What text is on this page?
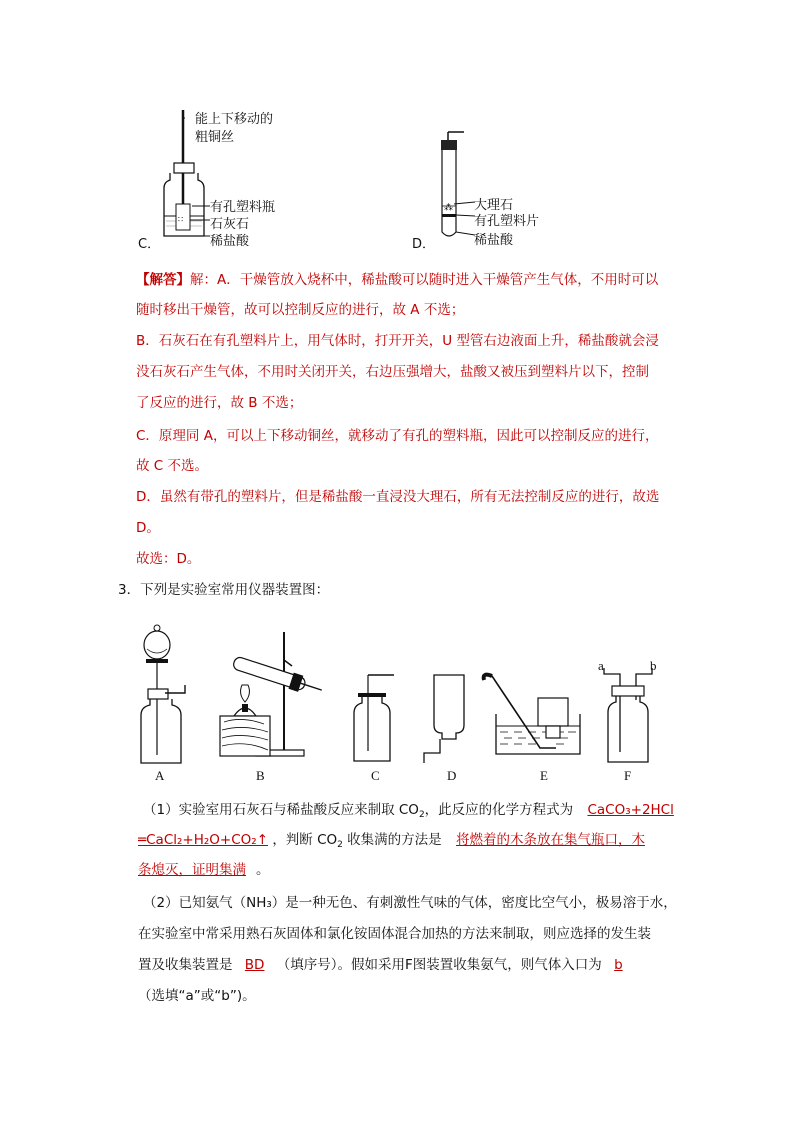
∷
能上下移动的
粗铜丝
有孔塑料瓶
石灰石
稀盐酸
C．
⁂ 大理石
有孔塑料片
稀盐酸
D．
【解答】解：A．干燥管放入烧杯中，稀盐酸可以随时进入干燥管产生气体，不用时可以
随时移出干燥管，故可以控制反应的进行，故 A 不选；
B．石灰石在有孔塑料片上，用气体时，打开开关，U 型管右边液面上升，稀盐酸就会浸
没石灰石产生气体，不用时关闭开关，右边压强增大，盐酸又被压到塑料片以下，控制
了反应的进行，故 B 不选；
C．原理同 A，可以上下移动铜丝，就移动了有孔的塑料瓶，因此可以控制反应的进行，
故 C 不选。
D．虽然有带孔的塑料片，但是稀盐酸一直浸没大理石，所有无法控制反应的进行，故选
D。
故选：D。
3．下列是实验室常用仪器装置图：
a	b
A	B	C	D	E	F
（1）实验室用石灰石与稀盐酸反应来制取 $CO_2$，此反应的化学方程式为 CaCO₃+2HCl
═CaCl₂+H₂O+CO₂↑ ，判断 $CO_2$ 收集满的方法是 将燃着的木条放在集气瓶口，木
条熄灭，证明集满 。
（2）已知氨气（NH₃）是一种无色、有刺激性气味的气体，密度比空气小，极易溶于水，
在实验室中常采用熟石灰固体和氯化铵固体混合加热的方法来制取，则应选择的发生装
置及收集装置是 BD （填序号）。假如采用F图装置收集氨气，则气体入口为 b
（选填“a”或“b”)。
